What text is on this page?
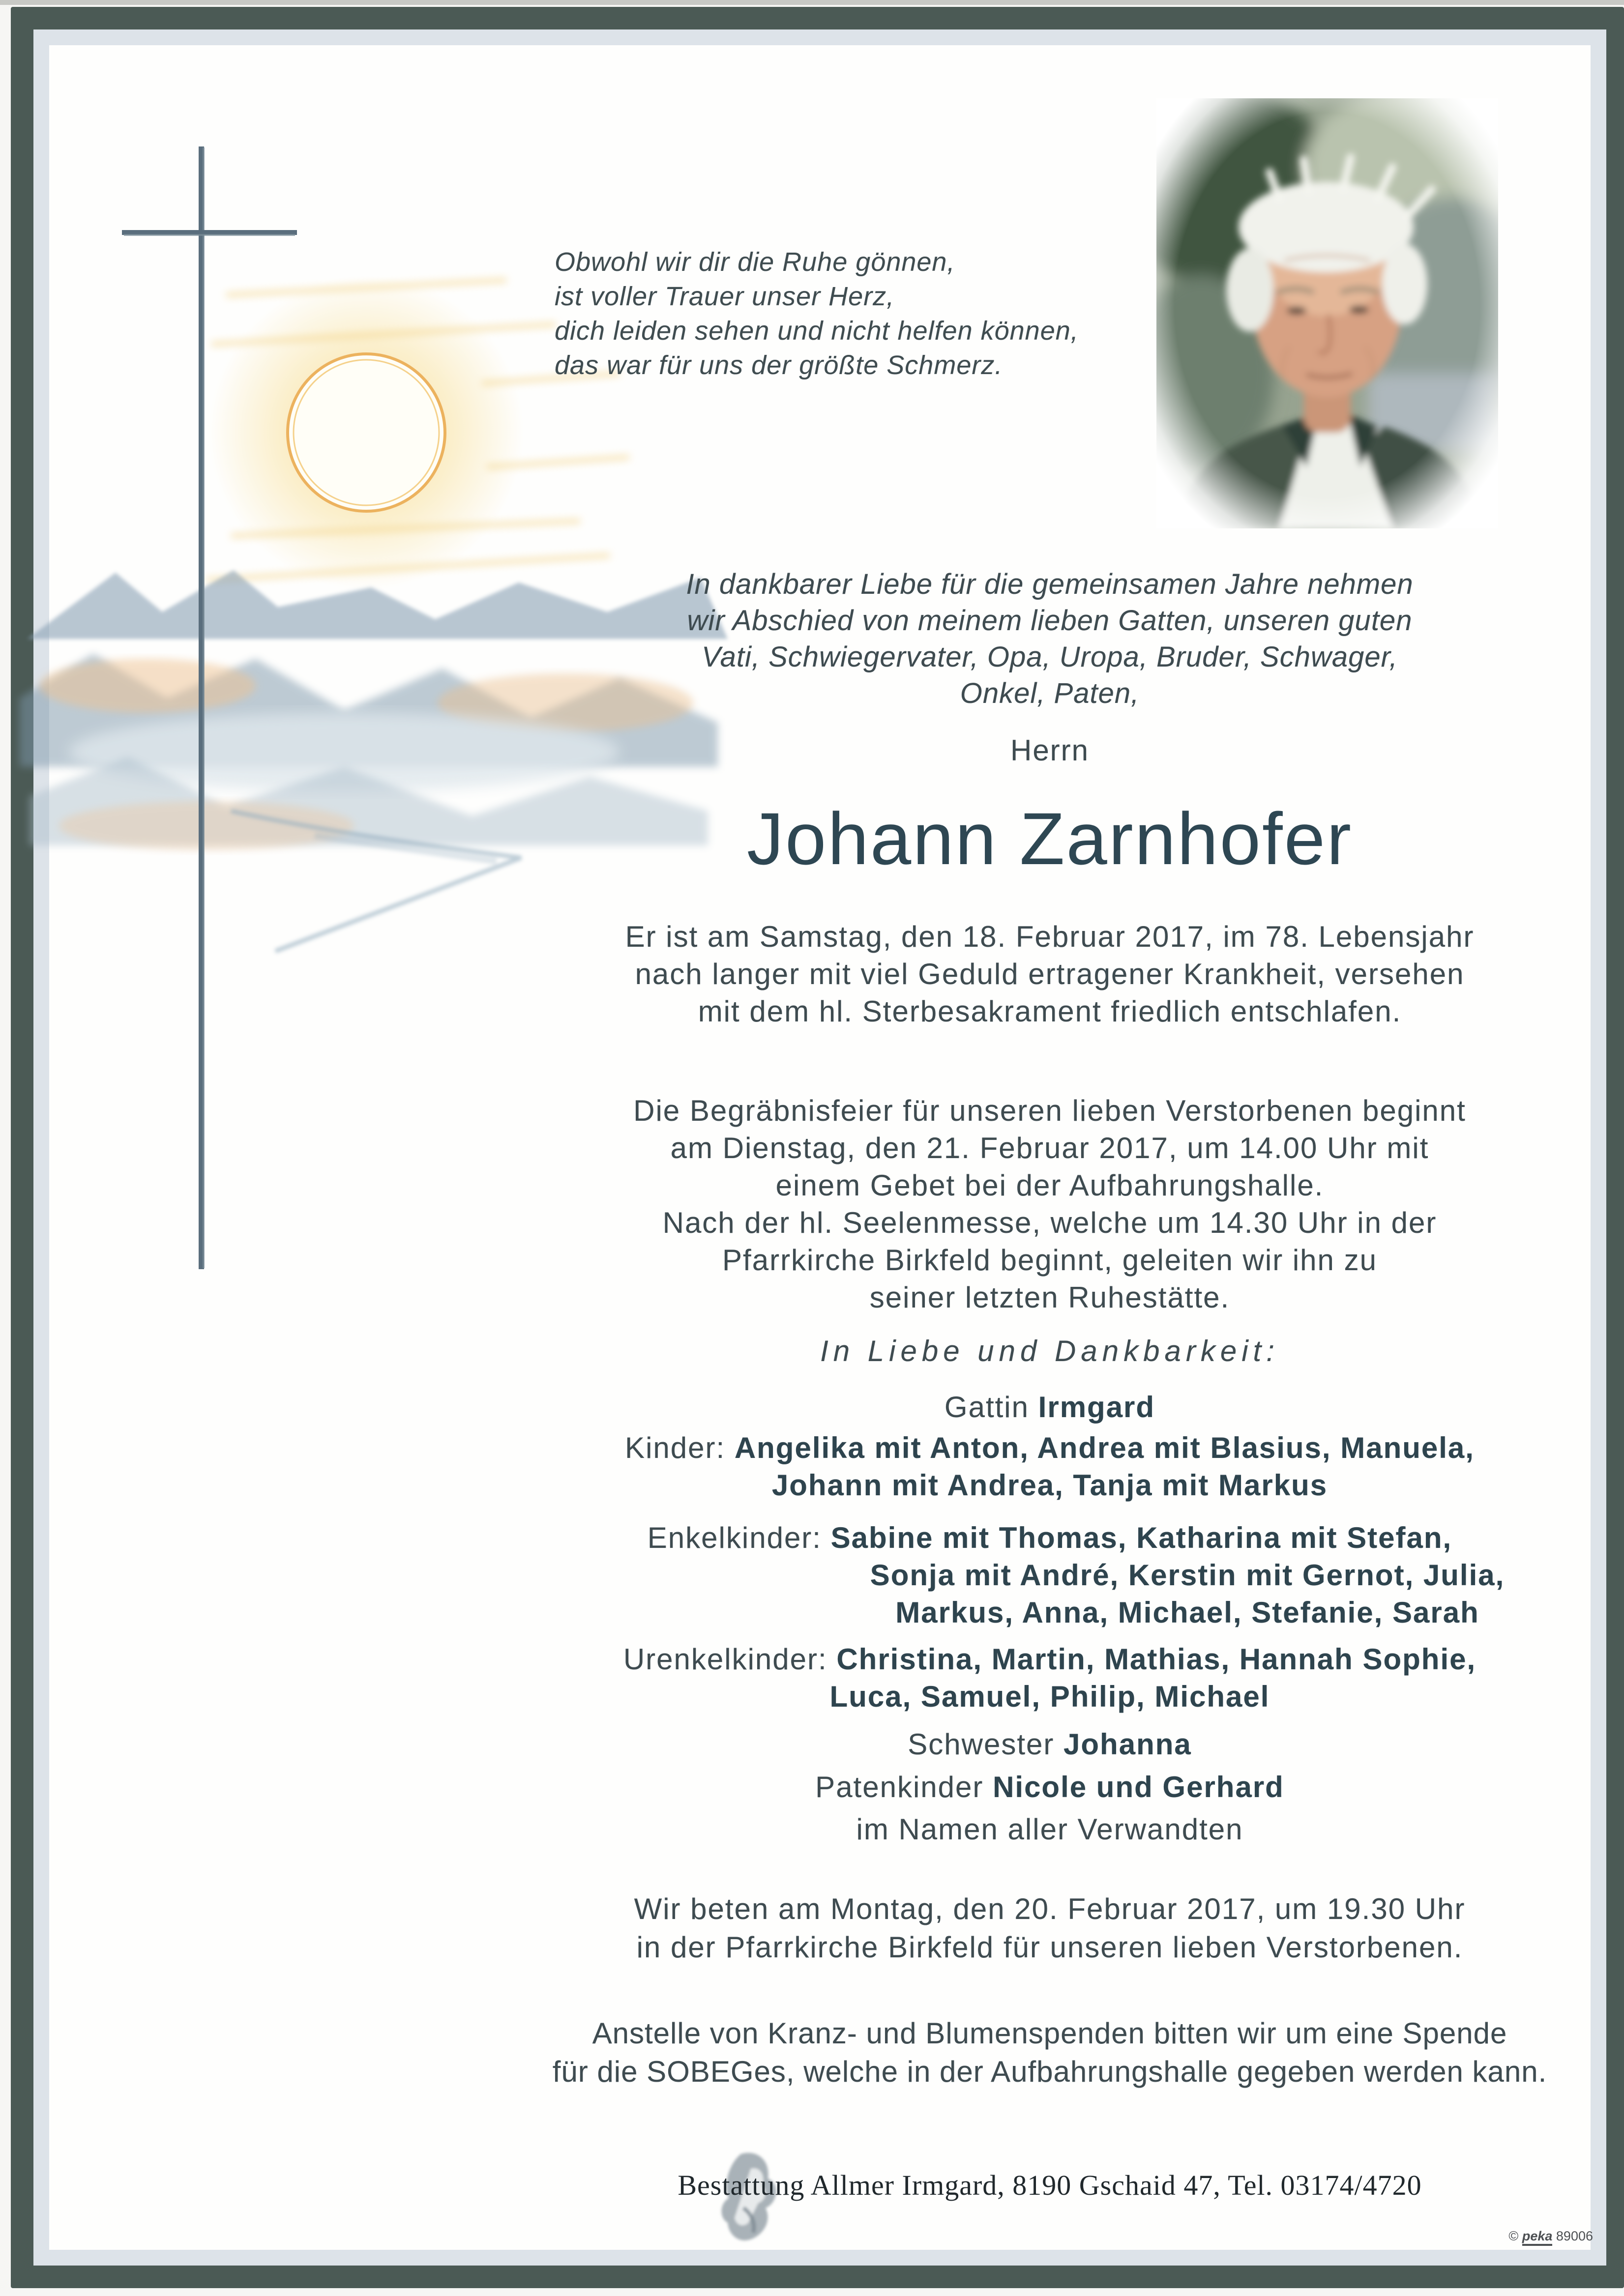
Obwohl wir dir die Ruhe gönnen,
ist voller Trauer unser Herz,
dich leiden sehen und nicht helfen können,
das war für uns der größte Schmerz.
In dankbarer Liebe für die gemeinsamen Jahre nehmen
wir Abschied von meinem lieben Gatten, unseren guten
Vati, Schwiegervater, Opa, Uropa, Bruder, Schwager,
Onkel, Paten,
Herrn
Johann Zarnhofer
Er ist am Samstag, den 18. Februar 2017, im 78. Lebensjahr
nach langer mit viel Geduld ertragener Krankheit, versehen
mit dem hl. Sterbesakrament friedlich entschlafen.
Die Begräbnisfeier für unseren lieben Verstorbenen beginnt
am Dienstag, den 21. Februar 2017, um 14.00 Uhr mit
einem Gebet bei der Aufbahrungshalle.
Nach der hl. Seelenmesse, welche um 14.30 Uhr in der
Pfarrkirche Birkfeld beginnt, geleiten wir ihn zu
seiner letzten Ruhestätte.
In Liebe und Dankbarkeit:
Gattin Irmgard
Kinder: Angelika mit Anton, Andrea mit Blasius, Manuela,
Johann mit Andrea, Tanja mit Markus
Enkelkinder: Sabine mit Thomas, Katharina mit Stefan,
Sonja mit André, Kerstin mit Gernot, Julia,
Markus, Anna, Michael, Stefanie, Sarah
Urenkelkinder: Christina, Martin, Mathias, Hannah Sophie,
Luca, Samuel, Philip, Michael
Schwester Johanna
Patenkinder Nicole und Gerhard
im Namen aller Verwandten
Wir beten am Montag, den 20. Februar 2017, um 19.30 Uhr
in der Pfarrkirche Birkfeld für unseren lieben Verstorbenen.
Anstelle von Kranz- und Blumenspenden bitten wir um eine Spende
für die SOBEGes, welche in der Aufbahrungshalle gegeben werden kann.
Bestattung Allmer Irmgard, 8190 Gschaid 47, Tel. 03174/4720
© peka 89006
